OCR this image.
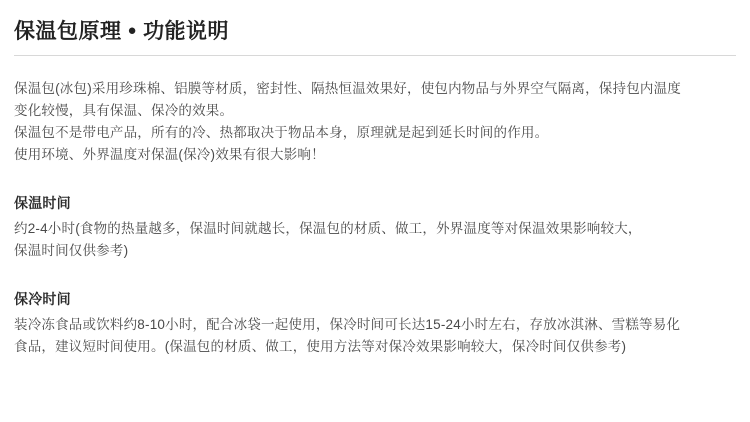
保温包原理 ● 功能说明

保温包(冰包)采用珍珠棉、铝膜等材质，密封性、隔热恒温效果好，使包内物品与外界空气隔离，保持包内温度

变化较慢，具有保温、保冷的效果。

保温包不是带电产品，所有的冷、热都取决于物品本身，原理就是起到延长时间的作用。

使用环境、外界温度对保温(保冷)效果有很大影响！

保温时间

约2-4小时(食物的热量越多，保温时间就越长，保温包的材质、做工，外界温度等对保温效果影响较大，

保温时间仅供参考)

保冷时间

装冷冻食品或饮料约8-10小时，配合冰袋一起使用，保冷时间可长达15-24小时左右，存放冰淇淋、雪糕等易化

食品，建议短时间使用。(保温包的材质、做工，使用方法等对保冷效果影响较大，保冷时间仅供参考)
